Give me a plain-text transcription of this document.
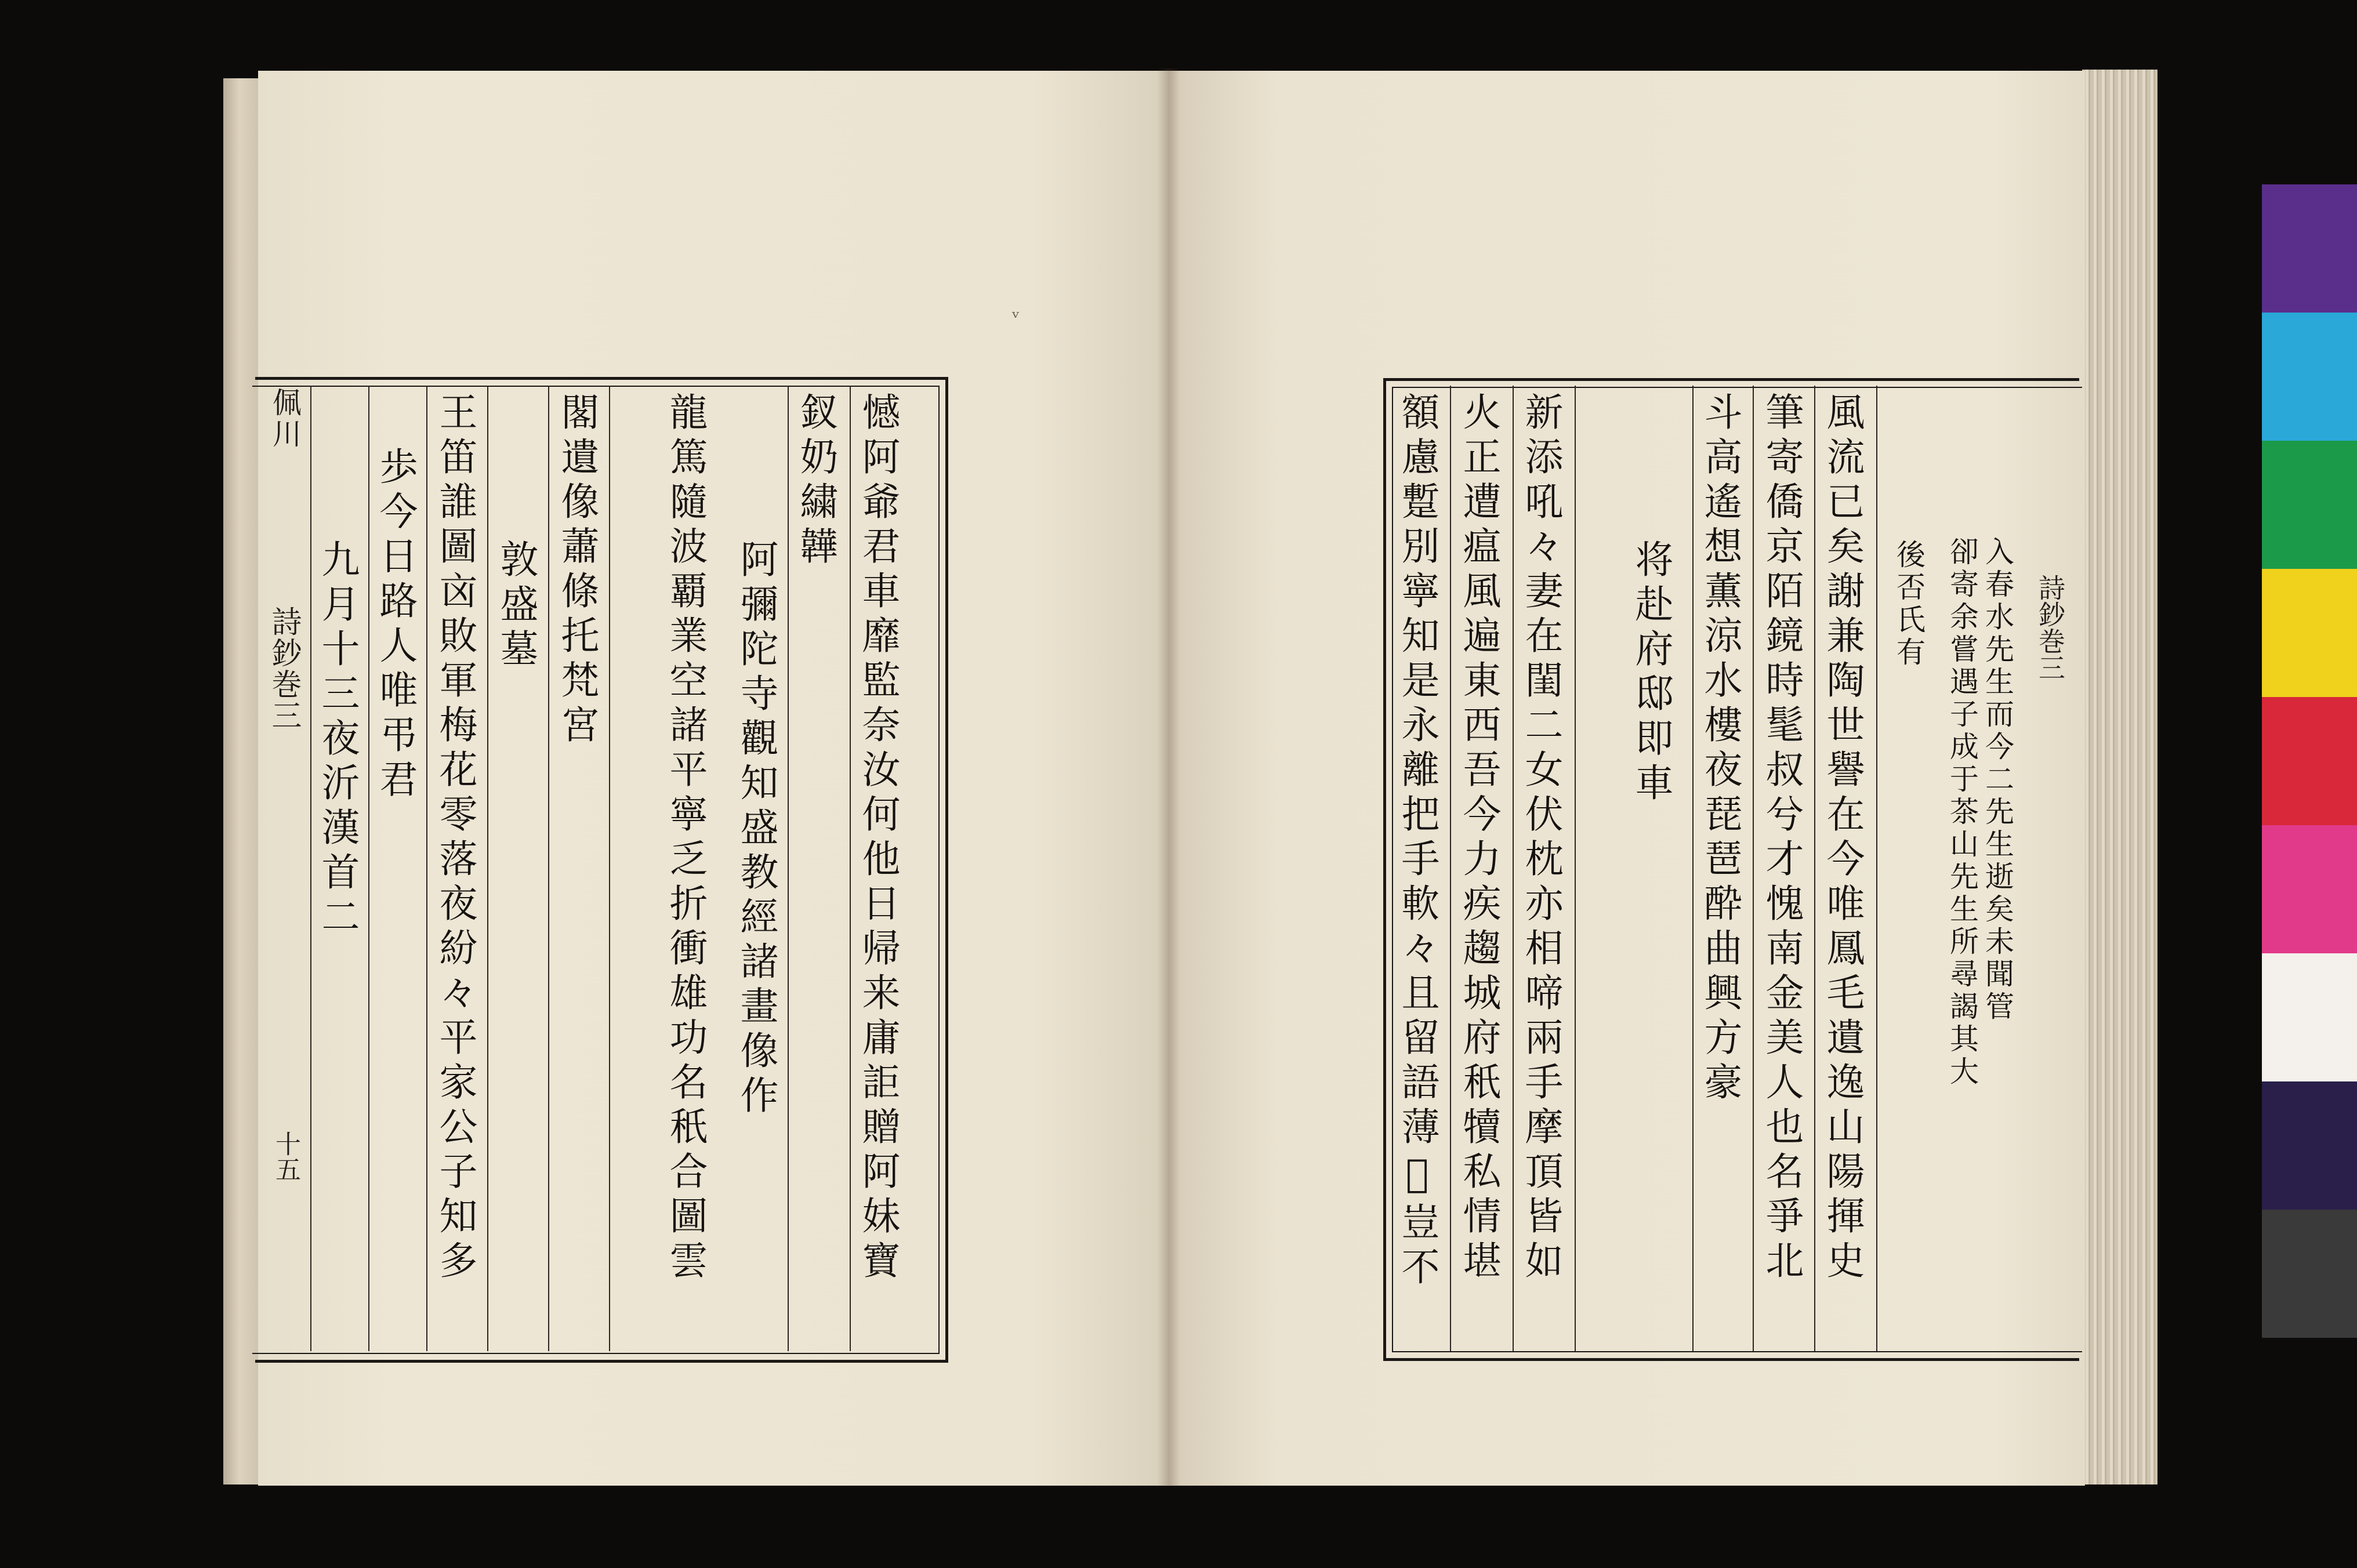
ᵛ
佩川
詩鈔巻三
十五
九月十三夜沂漢首二 歩今日路人唯弔君 王笛誰圖㐫敗軍梅花零落夜紛々平家公子知多 敦盛墓 閣遺像蕭條托梵宮 龍篤隨波覇業空諸平寧乏折衝雄功名秖合圖雲 阿彌陀寺觀知盛教經諸畫像作
釵奶繍韡 憾阿爺君車靡監奈汝何他日帰来庸詎贈阿妹寶	詩鈔巻三
額慮蹔別寧知是永離把手軟々且留語薄𦍃豈不 火正遭瘟風遍東西吾今力疾趨城府秖犢私情堪 新添吼々妻在閨二女伏枕亦相啼兩手摩頂皆如 将赴府邸即車 斗高遙想薫涼水樓夜琵琶酔曲興方豪 筆寄僑京陌鏡時髦叔兮才愧南金美人也名爭北 風流已矣謝兼陶世譽在今唯鳳毛遺逸山陽揮史 後否氏有 卻寄余嘗遇子成于茶山先生所尋謁其大 入春水先生而今二先生逝矣未聞管
